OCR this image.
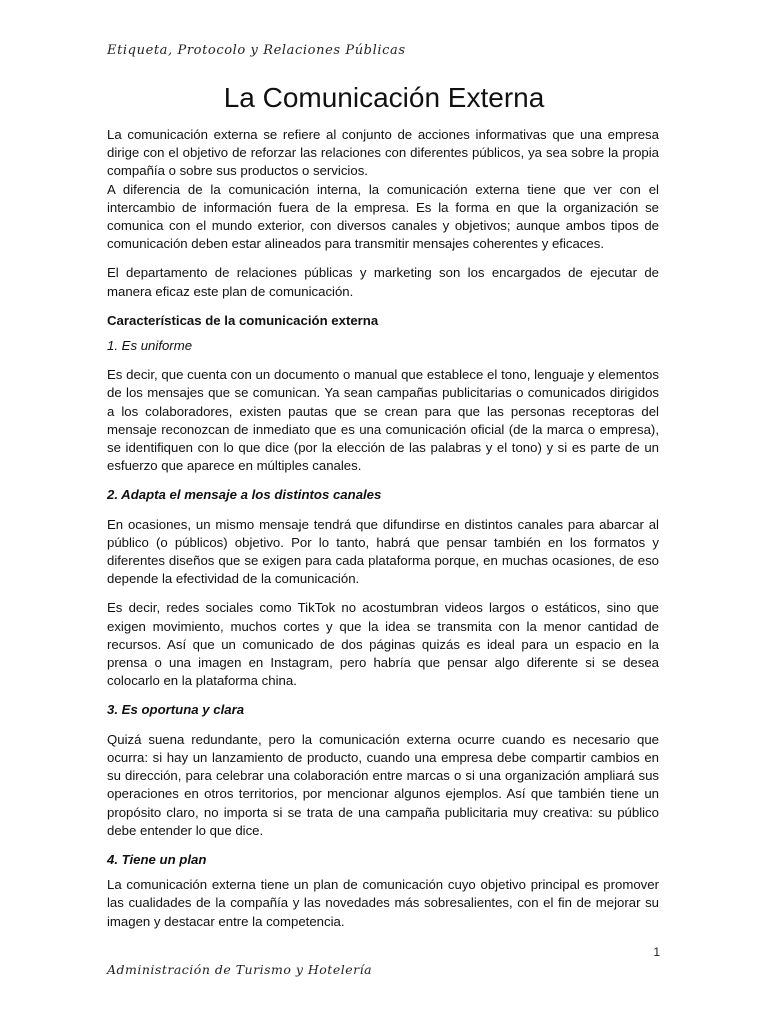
Etiqueta, Protocolo y Relaciones Públicas
La Comunicación Externa

La comunicación externa se refiere al conjunto de acciones informativas que una empresa dirige con el objetivo de reforzar las relaciones con diferentes públicos, ya sea sobre la propia compañía o sobre sus productos o servicios.

A diferencia de la comunicación interna, la comunicación externa tiene que ver con el intercambio de información fuera de la empresa. Es la forma en que la organización se comunica con el mundo exterior, con diversos canales y objetivos; aunque ambos tipos de comunicación deben estar alineados para transmitir mensajes coherentes y eficaces.

El departamento de relaciones públicas y marketing son los encargados de ejecutar de manera eficaz este plan de comunicación.

Características de la comunicación externa

1. Es uniforme

Es decir, que cuenta con un documento o manual que establece el tono, lenguaje y elementos de los mensajes que se comunican. Ya sean campañas publicitarias o comunicados dirigidos a los colaboradores, existen pautas que se crean para que las personas receptoras del mensaje reconozcan de inmediato que es una comunicación oficial (de la marca o empresa), se identifiquen con lo que dice (por la elección de las palabras y el tono) y si es parte de un esfuerzo que aparece en múltiples canales.

2. Adapta el mensaje a los distintos canales

En ocasiones, un mismo mensaje tendrá que difundirse en distintos canales para abarcar al público (o públicos) objetivo. Por lo tanto, habrá que pensar también en los formatos y diferentes diseños que se exigen para cada plataforma porque, en muchas ocasiones, de eso depende la efectividad de la comunicación.

Es decir, redes sociales como TikTok no acostumbran videos largos o estáticos, sino que exigen movimiento, muchos cortes y que la idea se transmita con la menor cantidad de recursos. Así que un comunicado de dos páginas quizás es ideal para un espacio en la prensa o una imagen en Instagram, pero habría que pensar algo diferente si se desea colocarlo en la plataforma china.

3. Es oportuna y clara

Quizá suena redundante, pero la comunicación externa ocurre cuando es necesario que ocurra: si hay un lanzamiento de producto, cuando una empresa debe compartir cambios en su dirección, para celebrar una colaboración entre marcas o si una organización ampliará sus operaciones en otros territorios, por mencionar algunos ejemplos. Así que también tiene un propósito claro, no importa si se trata de una campaña publicitaria muy creativa: su público debe entender lo que dice.

4. Tiene un plan

La comunicación externa tiene un plan de comunicación cuyo objetivo principal es promover las cualidades de la compañía y las novedades más sobresalientes, con el fin de mejorar su imagen y destacar entre la competencia.

1
Administración de Turismo y Hotelería
